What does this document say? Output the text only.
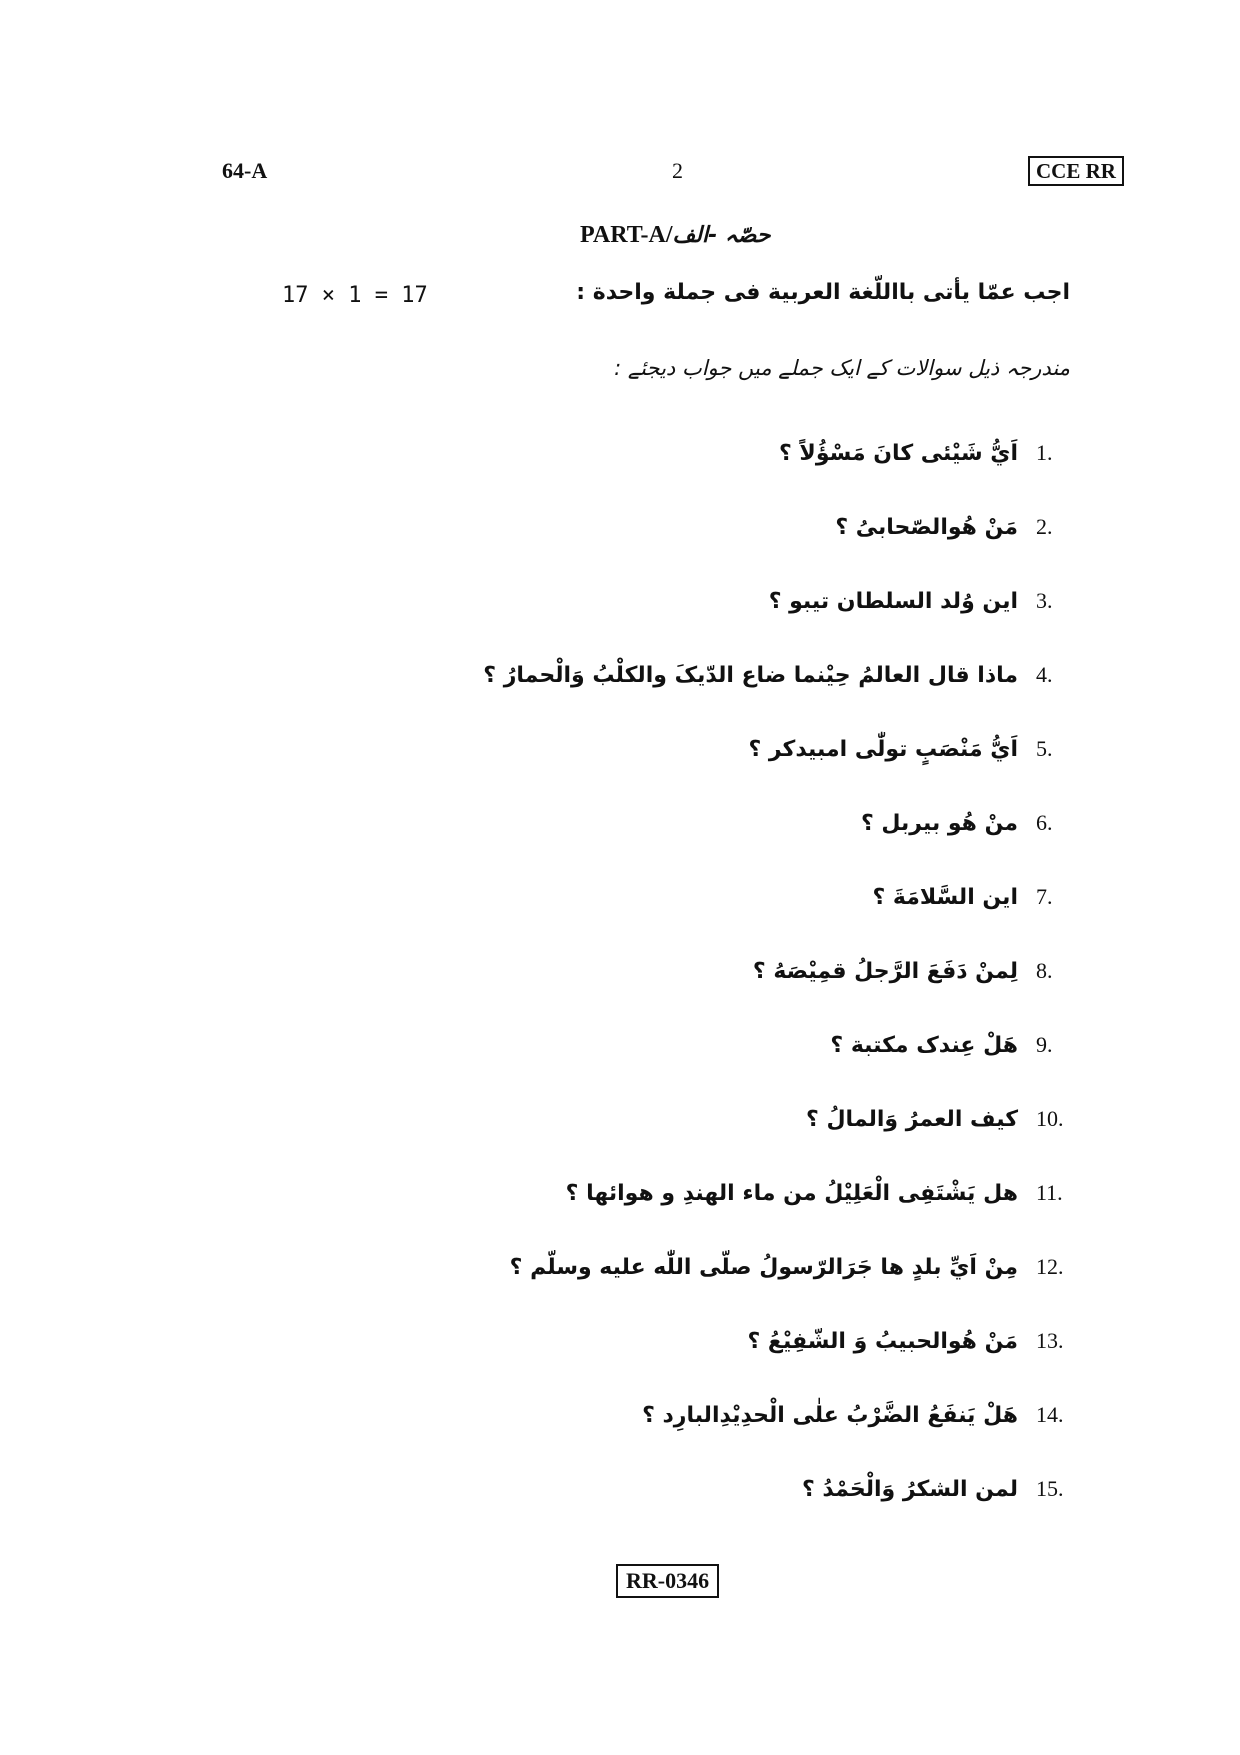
64-A	2	CCE RR
PART-A/حصّہ -الف
17 × 1 = 17	اجب عمّا يأتى بااللّغة العربية فى جملة واحدة :
مندرجہ ذیل سوالات کے ایک جملے میں جواب دیجئے :
1.اَيُّ شَيْئى كانَ مَسْؤُلاً ؟
2.مَنْ هُوالصّحابىُ ؟
3.اين وُلد السلطان تيبو ؟
4.ماذا قال العالمُ حِيْنما ضاع الدّيکَ والكلْبُ وَالْحمارُ ؟
5.اَيُّ مَنْصَبٍ تولّٰى امبيدكر ؟
6.منْ هُو بيربل ؟
7.اين السَّلامَةَ ؟
8.لِمنْ دَفَعَ الرَّجلُ قمِيْصَهُ ؟
9.هَلْ عِندک مكتبة ؟
10.كيف العمرُ وَالمالُ ؟
11.هل يَشْتَفِى الْعَلِيْلُ من ماء الهندِ و هوائها ؟
12.مِنْ اَيِّ بلدٍ ها جَرَالرّسولُ صلّى اللّٰه عليه وسلّم ؟
13.مَنْ هُوالحبيبُ وَ الشّفِيْعُ ؟
14.هَلْ يَنفَعُ الضَّرْبُ علٰى الْحدِيْدِالبارِد ؟
15.لمن الشكرُ وَالْحَمْدُ ؟
RR-0346
